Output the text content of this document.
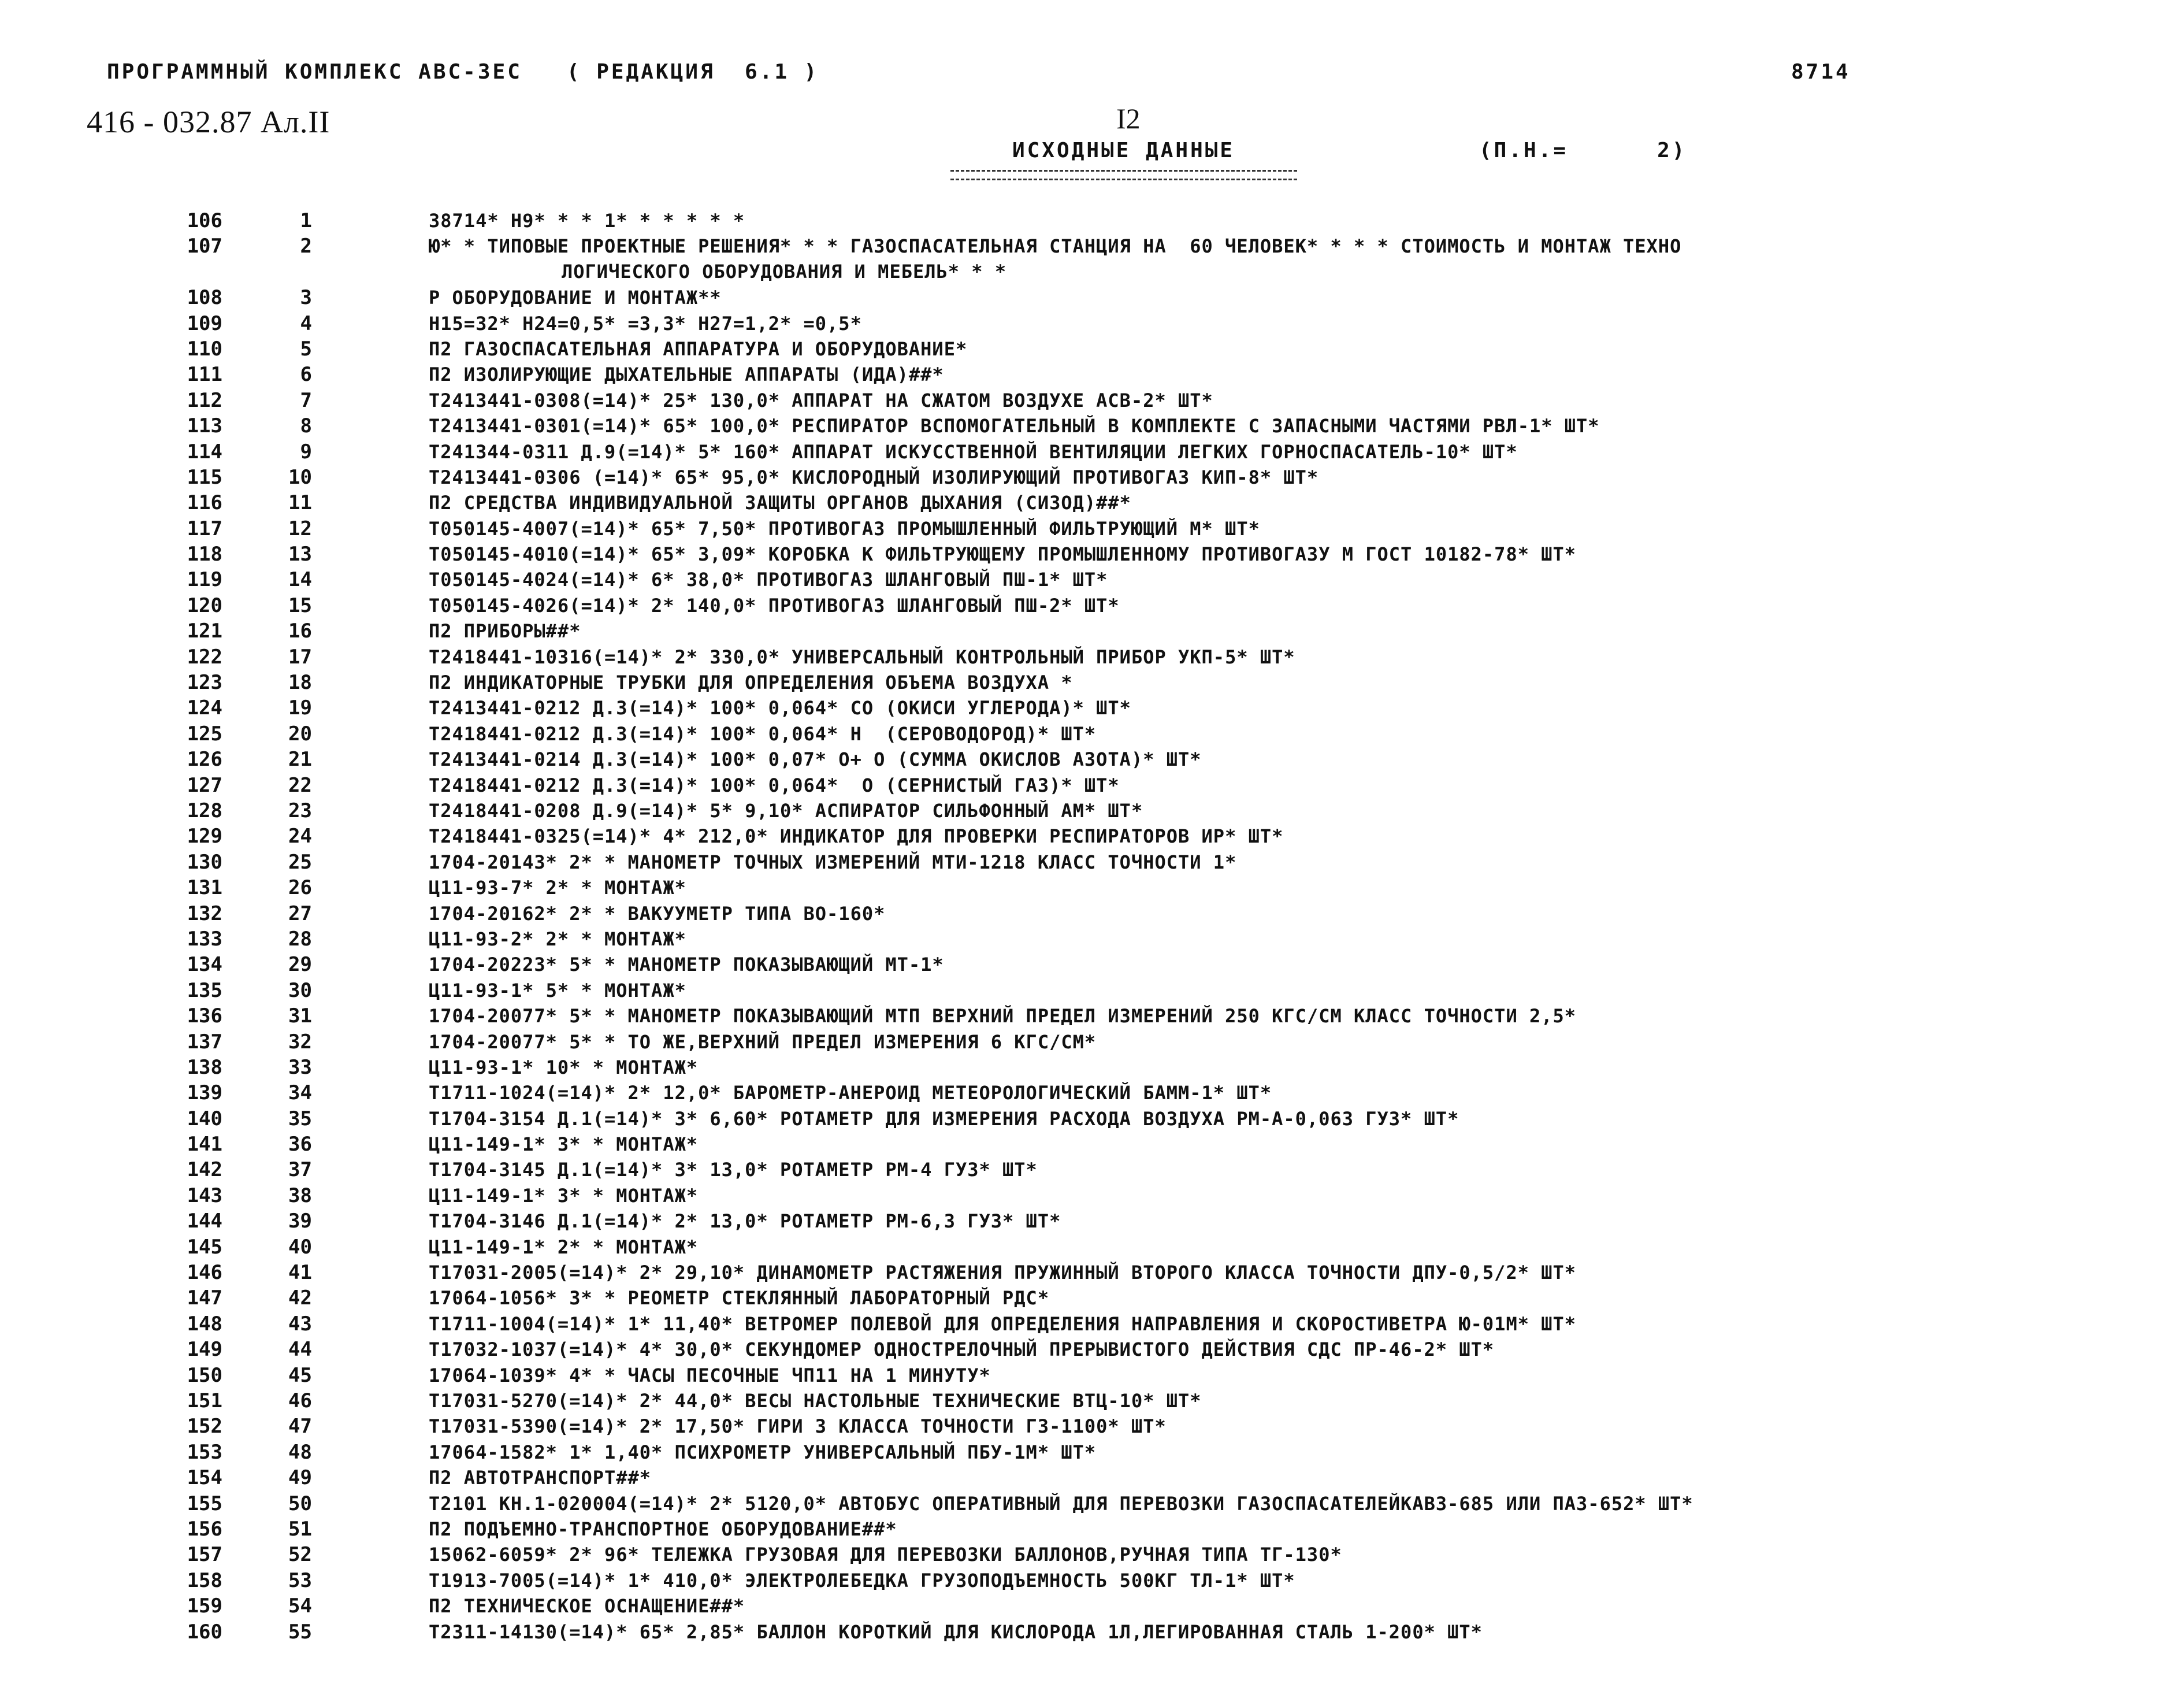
ПРОГРАММНЫЙ КОМПЛЕКС АВС-3ЕС   ( РЕДАКЦИЯ  6.1 )	8714
416 - 032.87 Ал.II	I2
ИСХОДНЫЕ ДАННЫЕ	(П.Н.=      2)
106	1	38714* Н9* * * 1* * * * * *
107	2	Ю* * ТИПОВЫЕ ПРОЕКТНЫЕ РЕШЕНИЯ* * * ГАЗОСПАСАТЕЛЬНАЯ СТАНЦИЯ НА  60 ЧЕЛОВЕК* * * * СТОИМОСТЬ И МОНТАЖ ТЕХНО
ЛОГИЧЕСКОГО ОБОРУДОВАНИЯ И МЕБЕЛЬ* * *
108	3	Р ОБОРУДОВАНИЕ И МОНТАЖ**
109	4	Н15=32* Н24=0,5* =3,3* Н27=1,2* =0,5*
110	5	П2 ГАЗОСПАСАТЕЛЬНАЯ АППАРАТУРА И ОБОРУДОВАНИЕ*
111	6	П2 ИЗОЛИРУЮЩИЕ ДЫХАТЕЛЬНЫЕ АППАРАТЫ (ИДА)##*
112	7	Т2413441-0308(=14)* 25* 130,0* АППАРАТ НА СЖАТОМ ВОЗДУХЕ АСВ-2* ШТ*
113	8	Т2413441-0301(=14)* 65* 100,0* РЕСПИРАТОР ВСПОМОГАТЕЛЬНЫЙ В КОМПЛЕКТЕ С ЗАПАСНЫМИ ЧАСТЯМИ РВЛ-1* ШТ*
114	9	Т241344-0311 Д.9(=14)* 5* 160* АППАРАТ ИСКУССТВЕННОЙ ВЕНТИЛЯЦИИ ЛЕГКИХ ГОРНОСПАСАТЕЛЬ-10* ШТ*
115	10	Т2413441-0306 (=14)* 65* 95,0* КИСЛОРОДНЫЙ ИЗОЛИРУЮЩИЙ ПРОТИВОГАЗ КИП-8* ШТ*
116	11	П2 СРЕДСТВА ИНДИВИДУАЛЬНОЙ ЗАЩИТЫ ОРГАНОВ ДЫХАНИЯ (СИЗОД)##*
117	12	Т050145-4007(=14)* 65* 7,50* ПРОТИВОГАЗ ПРОМЫШЛЕННЫЙ ФИЛЬТРУЮЩИЙ М* ШТ*
118	13	Т050145-4010(=14)* 65* 3,09* КОРОБКА К ФИЛЬТРУЮЩЕМУ ПРОМЫШЛЕННОМУ ПРОТИВОГАЗУ М ГОСТ 10182-78* ШТ*
119	14	Т050145-4024(=14)* 6* 38,0* ПРОТИВОГАЗ ШЛАНГОВЫЙ ПШ-1* ШТ*
120	15	Т050145-4026(=14)* 2* 140,0* ПРОТИВОГАЗ ШЛАНГОВЫЙ ПШ-2* ШТ*
121	16	П2 ПРИБОРЫ##*
122	17	Т2418441-10316(=14)* 2* 330,0* УНИВЕРСАЛЬНЫЙ КОНТРОЛЬНЫЙ ПРИБОР УКП-5* ШТ*
123	18	П2 ИНДИКАТОРНЫЕ ТРУБКИ ДЛЯ ОПРЕДЕЛЕНИЯ ОБЪЕМА ВОЗДУХА *
124	19	Т2413441-0212 Д.3(=14)* 100* 0,064* СО (ОКИСИ УГЛЕРОДА)* ШТ*
125	20	Т2418441-0212 Д.3(=14)* 100* 0,064* Н  (СЕРОВОДОРОД)* ШТ*
126	21	Т2413441-0214 Д.3(=14)* 100* 0,07* О+ О (СУММА ОКИСЛОВ АЗОТА)* ШТ*
127	22	Т2418441-0212 Д.3(=14)* 100* 0,064*  О (СЕРНИСТЫЙ ГАЗ)* ШТ*
128	23	Т2418441-0208 Д.9(=14)* 5* 9,10* АСПИРАТОР СИЛЬФОННЫЙ АМ* ШТ*
129	24	Т2418441-0325(=14)* 4* 212,0* ИНДИКАТОР ДЛЯ ПРОВЕРКИ РЕСПИРАТОРОВ ИР* ШТ*
130	25	1704-20143* 2* * МАНОМЕТР ТОЧНЫХ ИЗМЕРЕНИЙ МТИ-1218 КЛАСС ТОЧНОСТИ 1*
131	26	Ц11-93-7* 2* * МОНТАЖ*
132	27	1704-20162* 2* * ВАКУУМЕТР ТИПА ВО-160*
133	28	Ц11-93-2* 2* * МОНТАЖ*
134	29	1704-20223* 5* * МАНОМЕТР ПОКАЗЫВАЮЩИЙ МТ-1*
135	30	Ц11-93-1* 5* * МОНТАЖ*
136	31	1704-20077* 5* * МАНОМЕТР ПОКАЗЫВАЮЩИЙ МТП ВЕРХНИЙ ПРЕДЕЛ ИЗМЕРЕНИЙ 250 КГС/СМ КЛАСС ТОЧНОСТИ 2,5*
137	32	1704-20077* 5* * ТО ЖЕ,ВЕРХНИЙ ПРЕДЕЛ ИЗМЕРЕНИЯ 6 КГС/СМ*
138	33	Ц11-93-1* 10* * МОНТАЖ*
139	34	Т1711-1024(=14)* 2* 12,0* БАРОМЕТР-АНЕРОИД МЕТЕОРОЛОГИЧЕСКИЙ БАММ-1* ШТ*
140	35	Т1704-3154 Д.1(=14)* 3* 6,60* РОТАМЕТР ДЛЯ ИЗМЕРЕНИЯ РАСХОДА ВОЗДУХА РМ-А-0,063 ГУЗ* ШТ*
141	36	Ц11-149-1* 3* * МОНТАЖ*
142	37	Т1704-3145 Д.1(=14)* 3* 13,0* РОТАМЕТР РМ-4 ГУЗ* ШТ*
143	38	Ц11-149-1* 3* * МОНТАЖ*
144	39	Т1704-3146 Д.1(=14)* 2* 13,0* РОТАМЕТР РМ-6,3 ГУЗ* ШТ*
145	40	Ц11-149-1* 2* * МОНТАЖ*
146	41	Т17031-2005(=14)* 2* 29,10* ДИНАМОМЕТР РАСТЯЖЕНИЯ ПРУЖИННЫЙ ВТОРОГО КЛАССА ТОЧНОСТИ ДПУ-0,5/2* ШТ*
147	42	17064-1056* 3* * РЕОМЕТР СТЕКЛЯННЫЙ ЛАБОРАТОРНЫЙ РДС*
148	43	Т1711-1004(=14)* 1* 11,40* ВЕТРОМЕР ПОЛЕВОЙ ДЛЯ ОПРЕДЕЛЕНИЯ НАПРАВЛЕНИЯ И СКОРОСТИВЕТРА Ю-01М* ШТ*
149	44	Т17032-1037(=14)* 4* 30,0* СЕКУНДОМЕР ОДНОСТРЕЛОЧНЫЙ ПРЕРЫВИСТОГО ДЕЙСТВИЯ СДС ПР-46-2* ШТ*
150	45	17064-1039* 4* * ЧАСЫ ПЕСОЧНЫЕ ЧП11 НА 1 МИНУТУ*
151	46	Т17031-5270(=14)* 2* 44,0* ВЕСЫ НАСТОЛЬНЫЕ ТЕХНИЧЕСКИЕ ВТЦ-10* ШТ*
152	47	Т17031-5390(=14)* 2* 17,50* ГИРИ 3 КЛАССА ТОЧНОСТИ Г3-1100* ШТ*
153	48	17064-1582* 1* 1,40* ПСИХРОМЕТР УНИВЕРСАЛЬНЫЙ ПБУ-1М* ШТ*
154	49	П2 АВТОТРАНСПОРТ##*
155	50	Т2101 КН.1-020004(=14)* 2* 5120,0* АВТОБУС ОПЕРАТИВНЫЙ ДЛЯ ПЕРЕВОЗКИ ГАЗОСПАСАТЕЛЕЙКАВЗ-685 ИЛИ ПАЗ-652* ШТ*
156	51	П2 ПОДЪЕМНО-ТРАНСПОРТНОЕ ОБОРУДОВАНИЕ##*
157	52	15062-6059* 2* 96* ТЕЛЕЖКА ГРУЗОВАЯ ДЛЯ ПЕРЕВОЗКИ БАЛЛОНОВ,РУЧНАЯ ТИПА ТГ-130*
158	53	Т1913-7005(=14)* 1* 410,0* ЭЛЕКТРОЛЕБЕДКА ГРУЗОПОДЪЕМНОСТЬ 500КГ ТЛ-1* ШТ*
159	54	П2 ТЕХНИЧЕСКОЕ ОСНАЩЕНИЕ##*
160	55	Т2311-14130(=14)* 65* 2,85* БАЛЛОН КОРОТКИЙ ДЛЯ КИСЛОРОДА 1Л,ЛЕГИРОВАННАЯ СТАЛЬ 1-200* ШТ*
